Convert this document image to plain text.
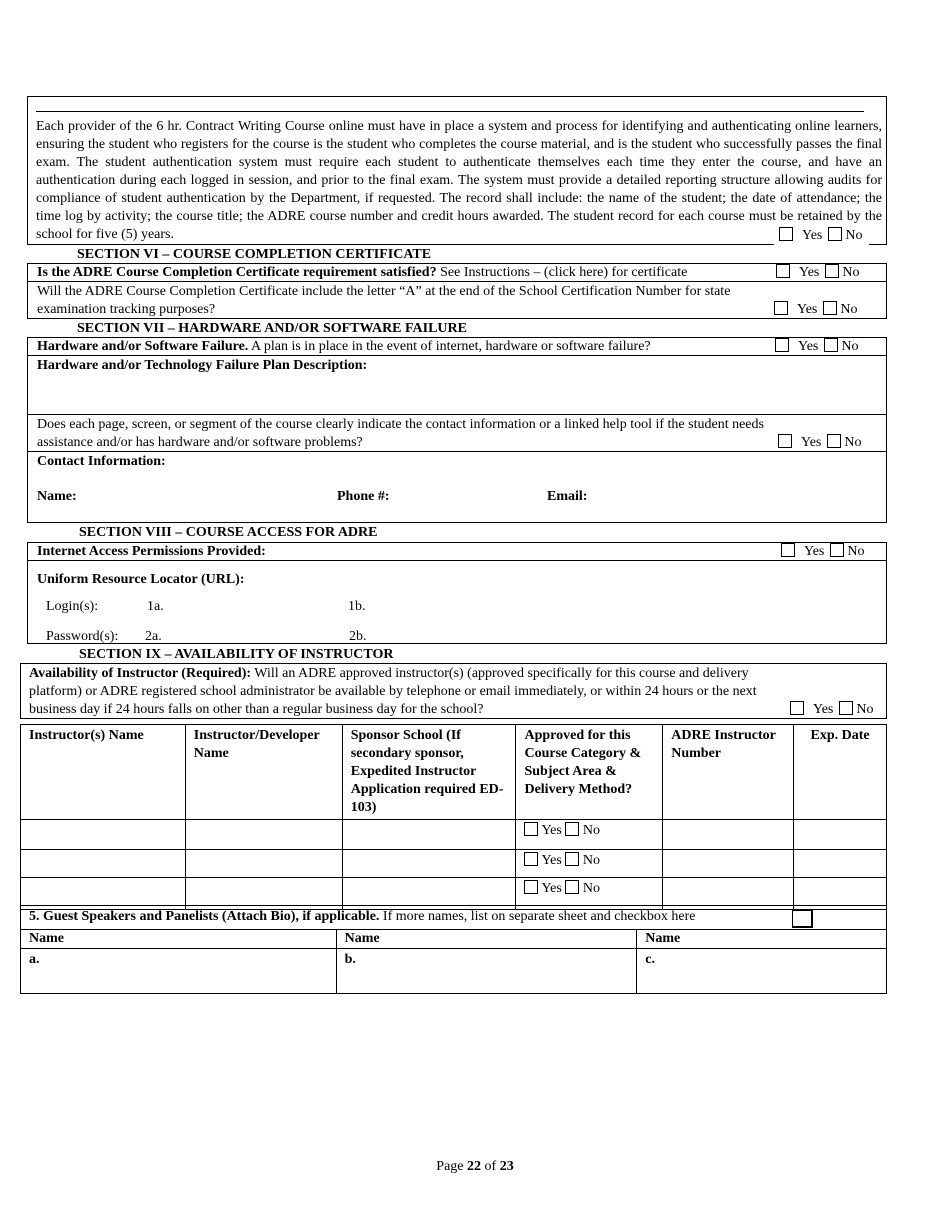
Each provider of the 6 hr. Contract Writing Course online must have in place a system and process for identifying and authenticating online learners, ensuring the student who registers for the course is the student who completes the course material, and is the student who successfully passes the final exam. The student authentication system must require each student to authenticate themselves each time they enter the course, and have an authentication during each logged in session, and prior to the final exam. The system must provide a detailed reporting structure allowing audits for compliance of student authentication by the Department, if requested. The record shall include: the name of the student; the date of attendance; the time log by activity; the course title; the ADRE course number and credit hours awarded. The student record for each course must be retained by the school for five (5) years.	Yes No
SECTION VI – COURSE COMPLETION CERTIFICATE
Is the ADRE Course Completion Certificate requirement satisfied? See Instructions – (click here) for certificate	Yes No
Will the ADRE Course Completion Certificate include the letter “A” at the end of the School Certification Number for state
examination tracking purposes?	Yes No
SECTION VII – HARDWARE AND/OR SOFTWARE FAILURE
Hardware and/or Software Failure. A plan is in place in the event of internet, hardware or software failure?	Yes No
Hardware and/or Technology Failure Plan Description:
Does each page, screen, or segment of the course clearly indicate the contact information or a linked help tool if the student needs
assistance and/or has hardware and/or software problems?	Yes No
Contact Information:
Name:	Phone #:	Email:
SECTION VIII – COURSE ACCESS FOR ADRE
Internet Access Permissions Provided:	Yes No
Uniform Resource Locator (URL):
Login(s):	1a.	1b.
Password(s): 2a.	2b.
SECTION IX – AVAILABILITY OF INSTRUCTOR
Availability of Instructor (Required): Will an ADRE approved instructor(s) (approved specifically for this course and delivery
platform) or ADRE registered school administrator be available by telephone or email immediately, or within 24 hours or the next
business day if 24 hours falls on other than a regular business day for the school?	Yes No
Instructor(s) Name	Instructor/Developer Name	Sponsor School (If secondary sponsor, Expedited Instructor Application required ED-103)	Approved for this Course Category & Subject Area & Delivery Method?	ADRE Instructor Number	Exp. Date
			Yes No		
			Yes No		
			Yes No		
5. Guest Speakers and Panelists (Attach Bio), if applicable. If more names, list on separate sheet and checkbox here
Name	Name	Name
a.	b.	c.
Page 22 of 23
